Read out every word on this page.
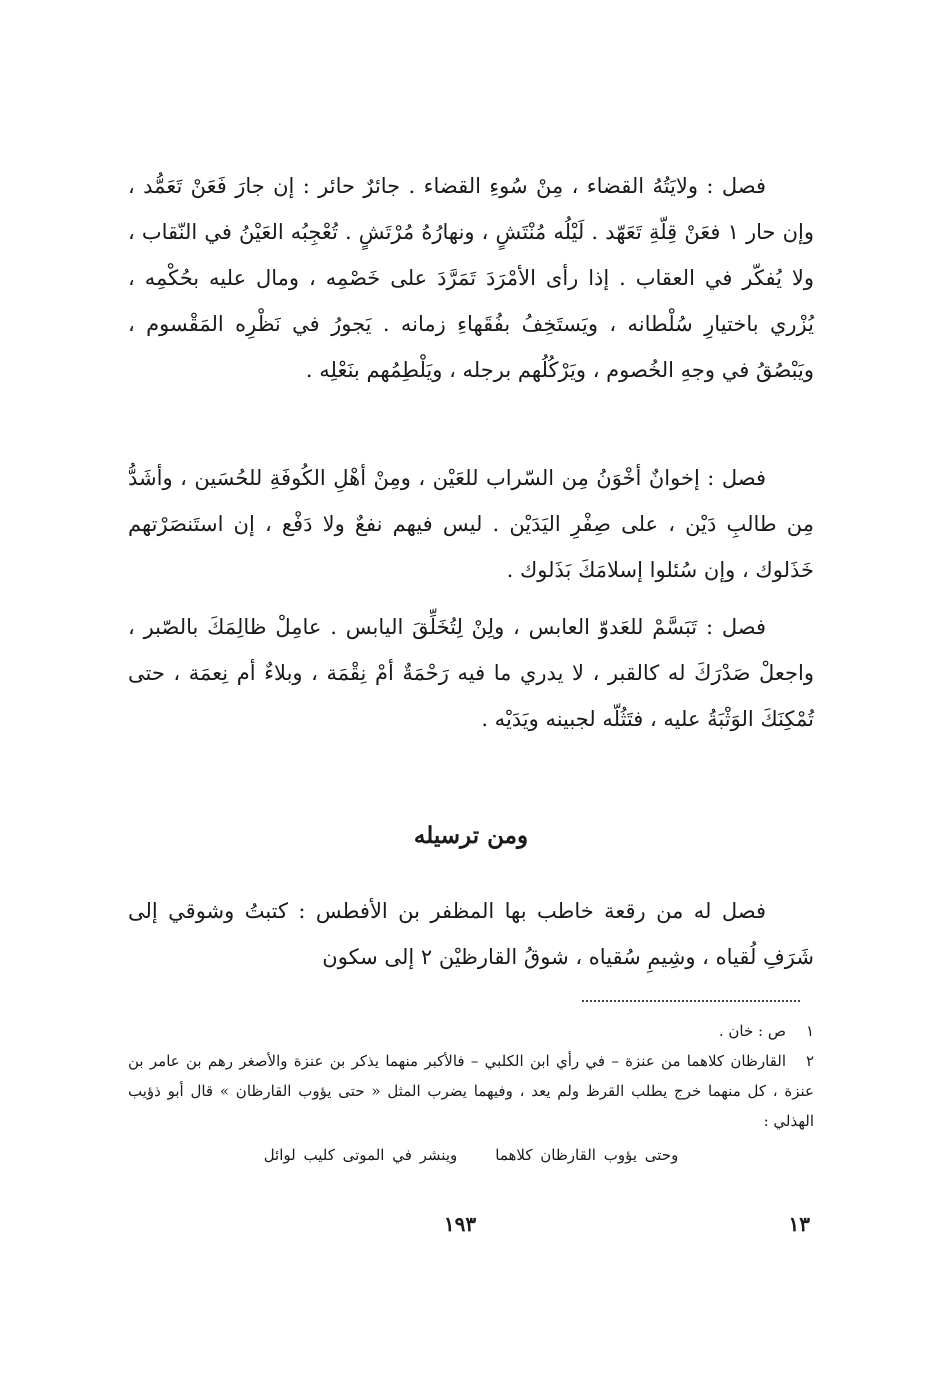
فصل : ولايَتُهُ القضاء ، مِنْ سُوءِ القضاء . جائرٌ حائر : إن جارَ فَعَنْ تَعَمُّد ، وإن حار ١ فعَنْ قِلّةِ تَعَهّد . لَيْلُه مُنْتَشٍ ، ونهارُهُ مُرْتَشٍ . تُعْجِبُه العَيْنُ في النّقاب ، ولا يُفكّر في العقاب . إذا رأى الأمْرَدَ تَمَرَّدَ على خَصْمِه ، ومال عليه بحُكْمِه ، يُزْري باختيارِ سُلْطانه ، ويَستَخِفُ بفُقَهاءِ زمانه . يَجورُ في نَظْرِه المَقْسوم ، ويَبْصُقُ في وجهِ الخُصوم ، ويَرْكُلُهم برجله ، ويَلْطِمُهم بنَعْلِه .

فصل : إخوانٌ أخْوَنُ مِن السّراب للعَيْن ، ومِنْ أهْلِ الكُوفَةِ للحُسَين ، وأشَدُّ مِن طالبِ دَيْن ، على صِفْرِ اليَدَيْن . ليس فيهم نفعٌ ولا دَفْع ، إن استَنصَرْتهم خَذَلوك ، وإن سُئلوا إسلامَكَ بَذَلوك .

فصل : تَبَسَّمْ للعَدوّ العابس ، ولِنْ لِتُخَلِّقَ اليابس . عامِلْ ظالِمَكَ بالصّبر ، واجعلْ صَدْرَكَ له كالقبر ، لا يدري ما فيه رَحْمَةٌ أمْ نِقْمَة ، وبلاءٌ أم نِعمَة ، حتى تُمْكِنَكَ الوَثْبَةُ عليه ، فتَثُلّه لجبينه ويَدَيْه .

ومن ترسيله

فصل له من رقعة خاطب بها المظفر بن الأفطس : كتبتُ وشوقي إلى شَرَفِ لُقياه ، وشِيمِ سُقياه ، شوقُ القارظيْن ٢ إلى سكون

١ص : خان .

٢القارظان كلاهما من عنزة – في رأي ابن الكلبي – فالأكبر منهما يذكر بن عنزة والأصغر رهم بن عامر بن عنزة ، كل منهما خرج يطلب القرظ ولم يعد ، وفيهما يضرب المثل « حتى يؤوب القارظان » قال أبو ذؤيب الهذلي :

وحتى يؤوب القارظان كلاهماوينشر في الموتى كليب لوائل

١٩٣	١٣
